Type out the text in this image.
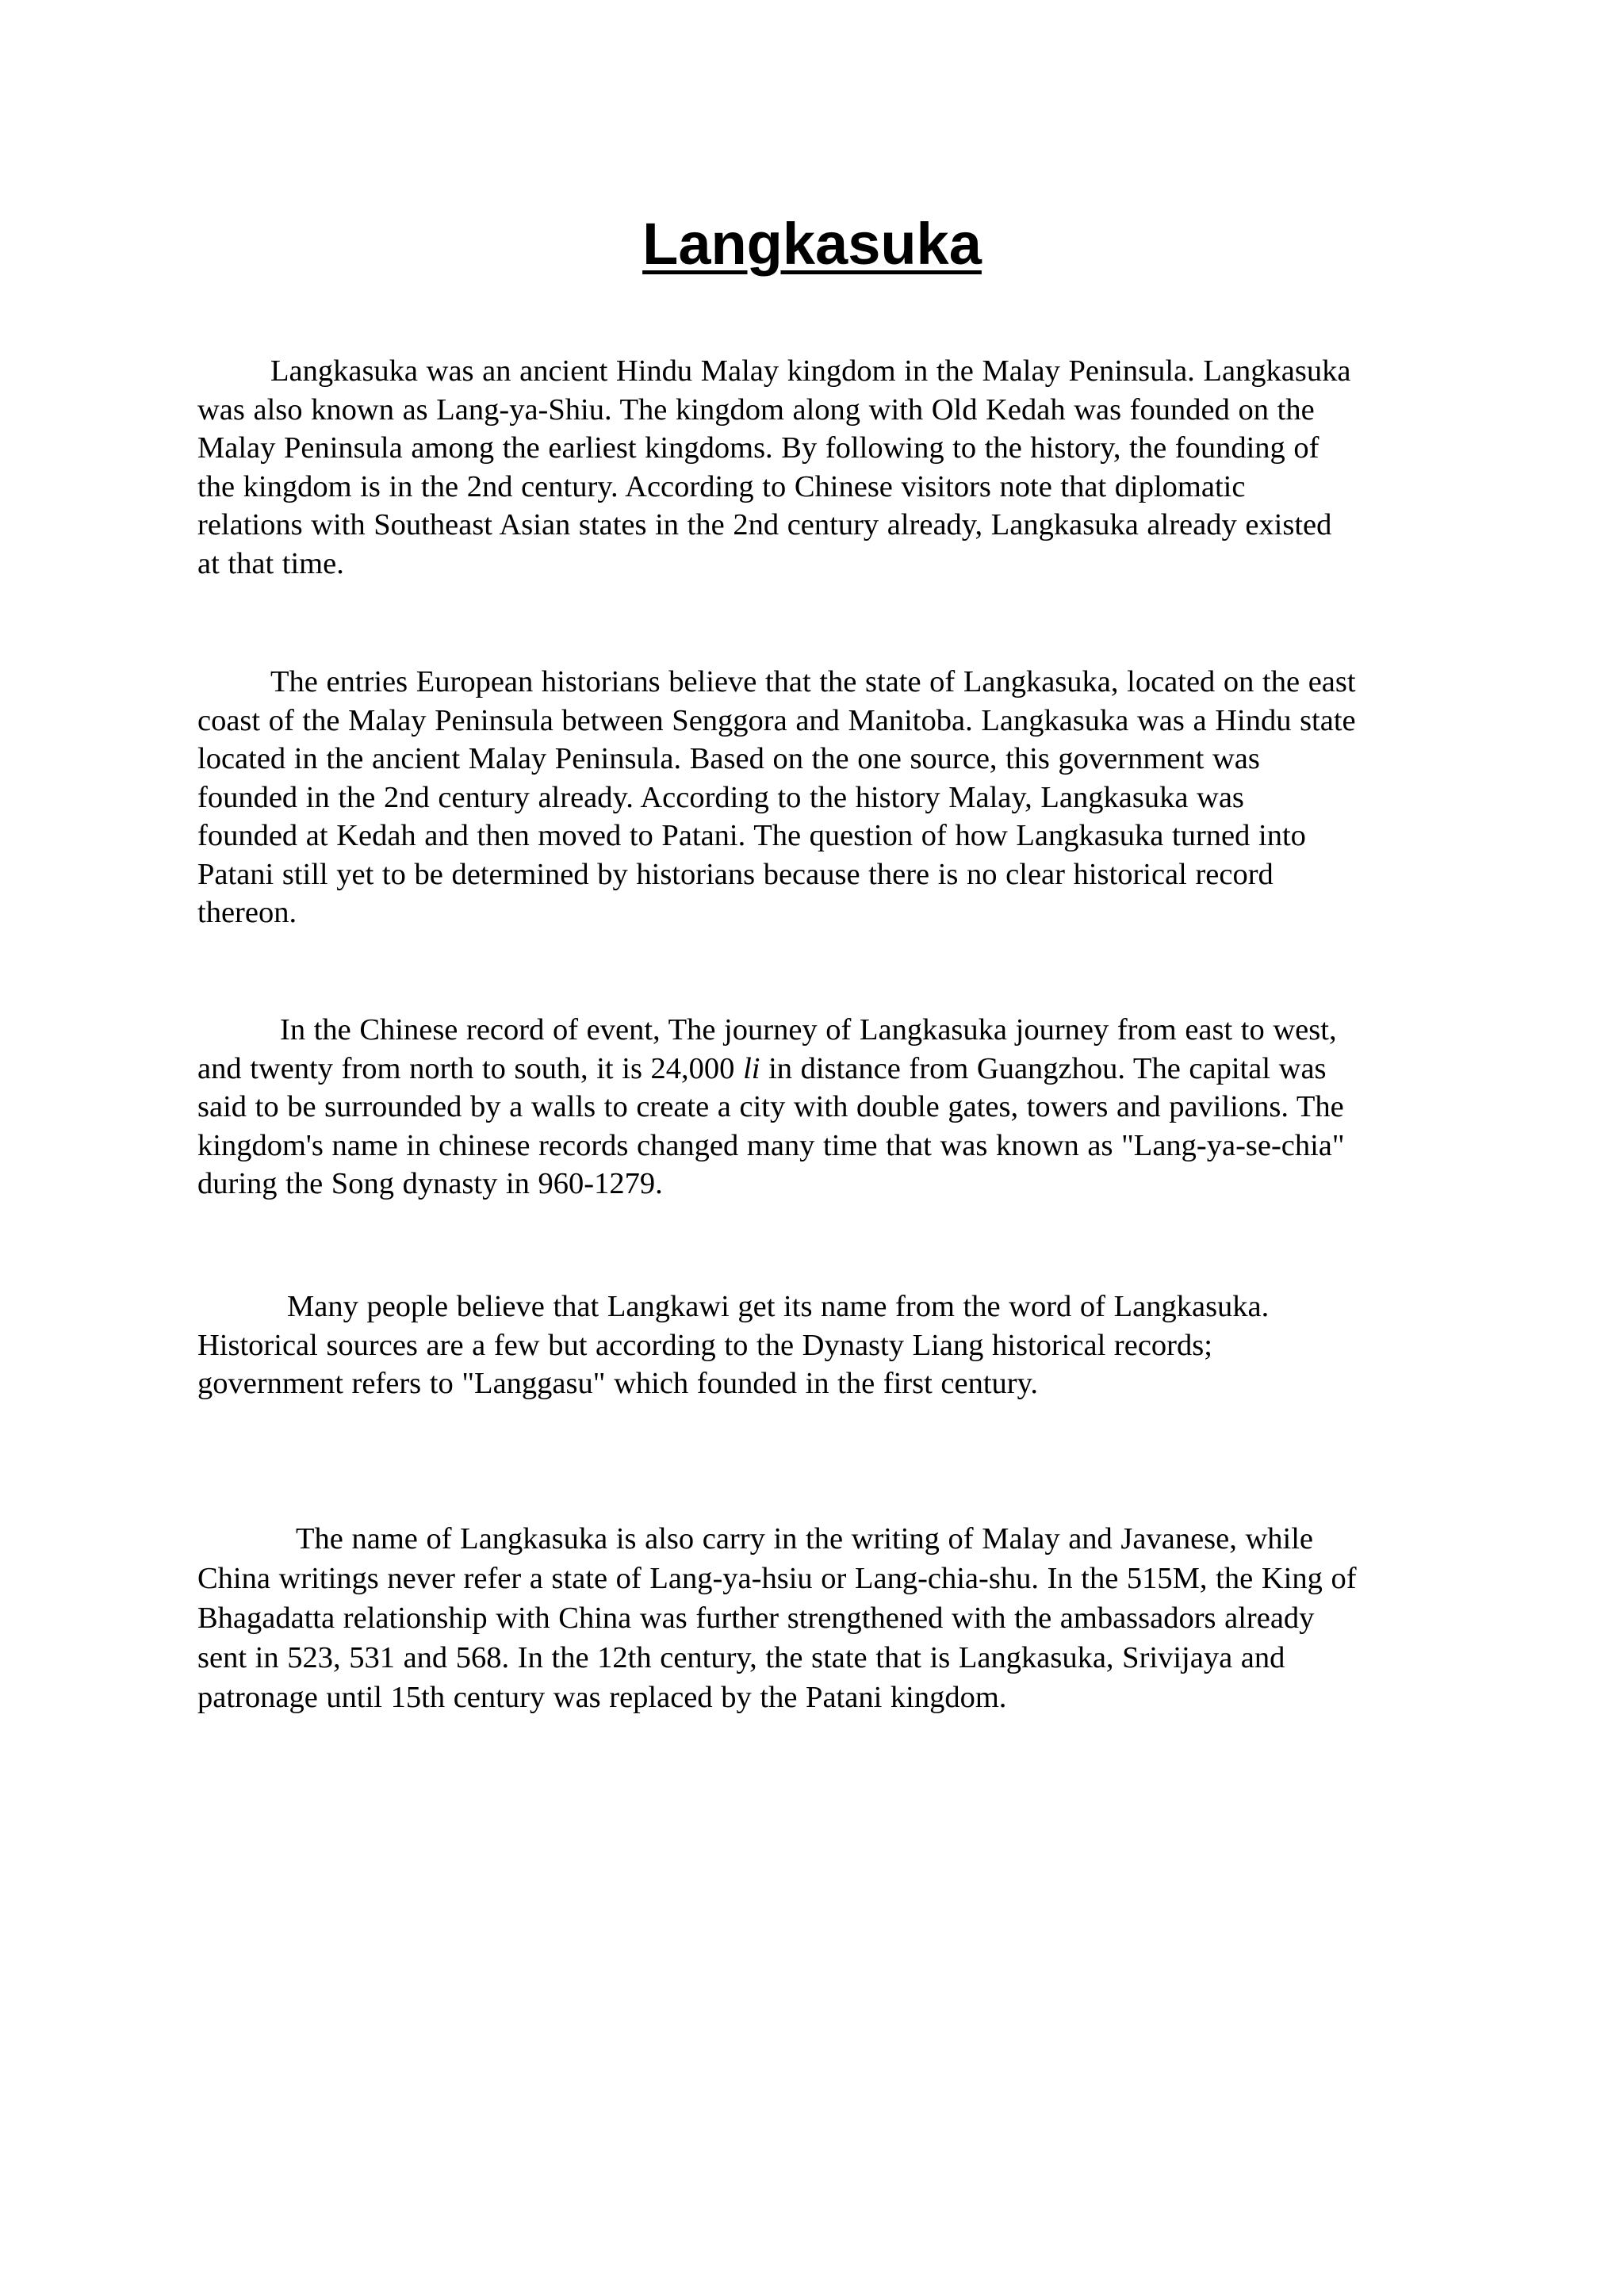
Langkasuka

Langkasuka was an ancient Hindu Malay kingdom in the Malay Peninsula. Langkasuka
was also known as Lang-ya-Shiu. The kingdom along with Old Kedah was founded on the
Malay Peninsula among the earliest kingdoms. By following to the history, the founding of
the kingdom is in the 2nd century. According to Chinese visitors note that diplomatic
relations with Southeast Asian states in the 2nd century already, Langkasuka already existed
at that time.

The entries European historians believe that the state of Langkasuka, located on the east
coast of the Malay Peninsula between Senggora and Manitoba. Langkasuka was a Hindu state
located in the ancient Malay Peninsula. Based on the one source, this government was
founded in the 2nd century already. According to the history Malay, Langkasuka was
founded at Kedah and then moved to Patani. The question of how Langkasuka turned into
Patani still yet to be determined by historians because there is no clear historical record
thereon.

In the Chinese record of event, The journey of Langkasuka journey from east to west,
and twenty from north to south, it is 24,000 li in distance from Guangzhou. The capital was
said to be surrounded by a walls to create a city with double gates, towers and pavilions. The
kingdom's name in chinese records changed many time that was known as "Lang-ya-se-chia"
during the Song dynasty in 960-1279.

Many people believe that Langkawi get its name from the word of Langkasuka.
Historical sources are a few but according to the Dynasty Liang historical records;
government refers to "Langgasu" which founded in the first century.

The name of Langkasuka is also carry in the writing of Malay and Javanese, while
China writings never refer a state of Lang-ya-hsiu or Lang-chia-shu. In the 515M, the King of
Bhagadatta relationship with China was further strengthened with the ambassadors already
sent in 523, 531 and 568. In the 12th century, the state that is Langkasuka, Srivijaya and
patronage until 15th century was replaced by the Patani kingdom.
